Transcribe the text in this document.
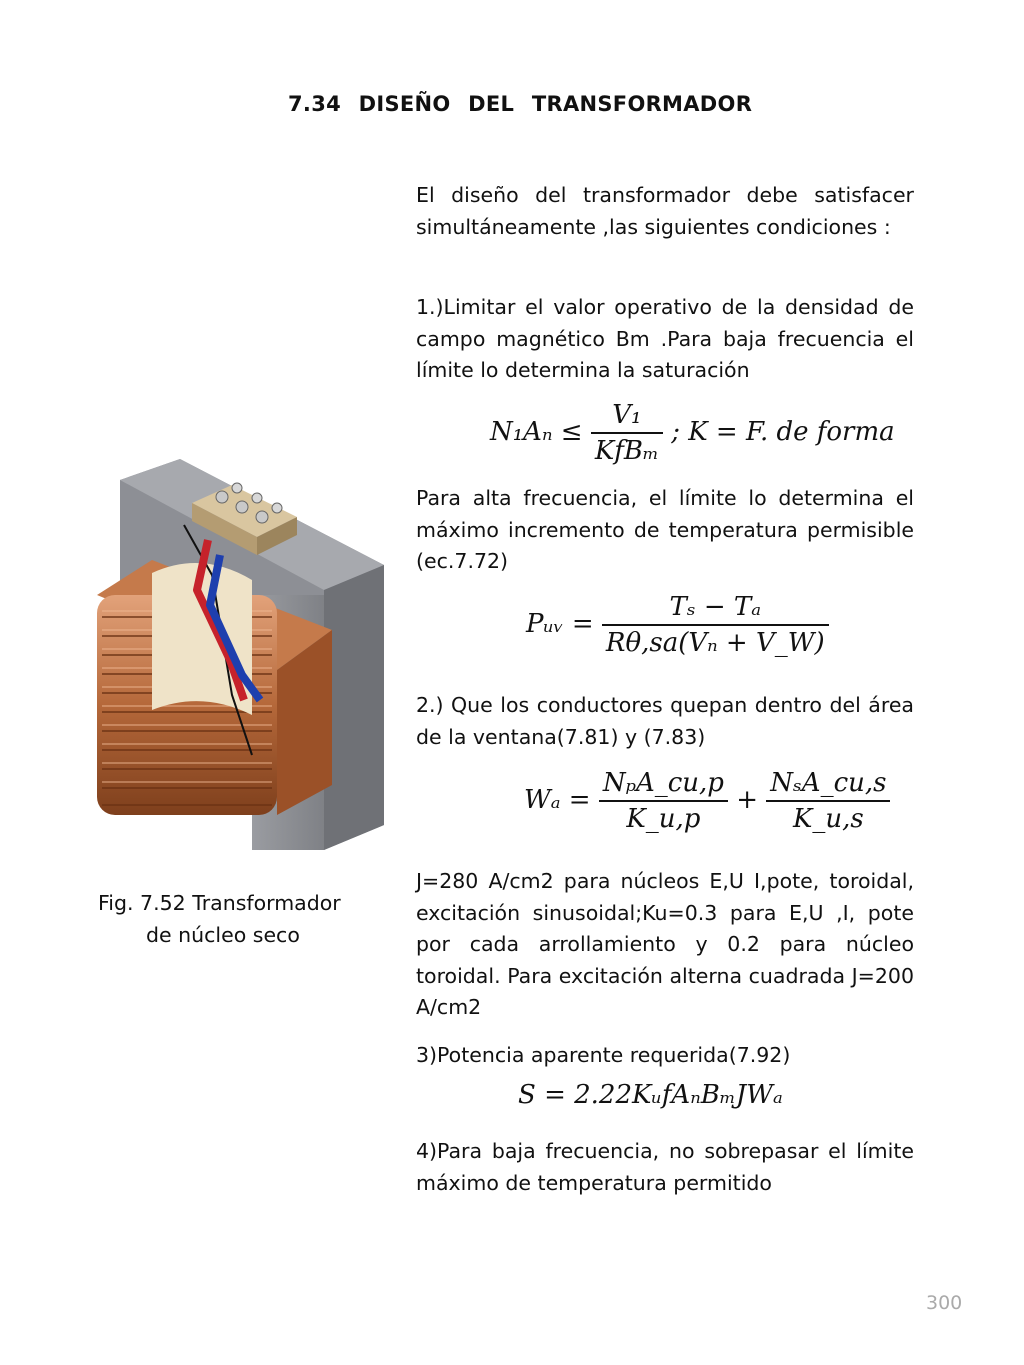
7.34 DISEÑO DEL TRANSFORMADOR
El diseño del transformador debe satisfacer simultáneamente ,las siguientes condiciones :
1.)Limitar el valor operativo de la densidad de campo magnético Bm .Para baja frecuencia el límite lo determina la saturación
$N_1A_n \le \frac{\text{V₁}}{\text{KfBₘ}}$ ; K = F. de forma
Para alta frecuencia, el límite lo determina el máximo incremento de temperatura permisible (ec.7.72)
Pᵤᵥ = $\frac{\text{Tₛ − Tₐ}}{\text{Rθ,sa(Vₙ + V\_W)}}$
2.) Que los conductores quepan dentro del área de la ventana(7.81) y (7.83)
$W_a = \frac{\text{NₚA\_cu,p}}{K\_u,p} + \frac{\text{NₛA\_cu,s}}{K\_u,s}$
J=280 A/cm2 para núcleos E,U I,pote, toroidal, excitación sinusoidal;Ku=0.3 para E,U ,I, pote por cada arrollamiento y 0.2 para núcleo toroidal. Para excitación alterna cuadrada J=200 A/cm2
3)Potencia aparente requerida(7.92)
S = 2.22KᵤfAₙBₘJWₐ
4)Para baja frecuencia, no sobrepasar el límite máximo de temperatura permitido
Fig. 7.52 Transformador
de núcleo seco
300
